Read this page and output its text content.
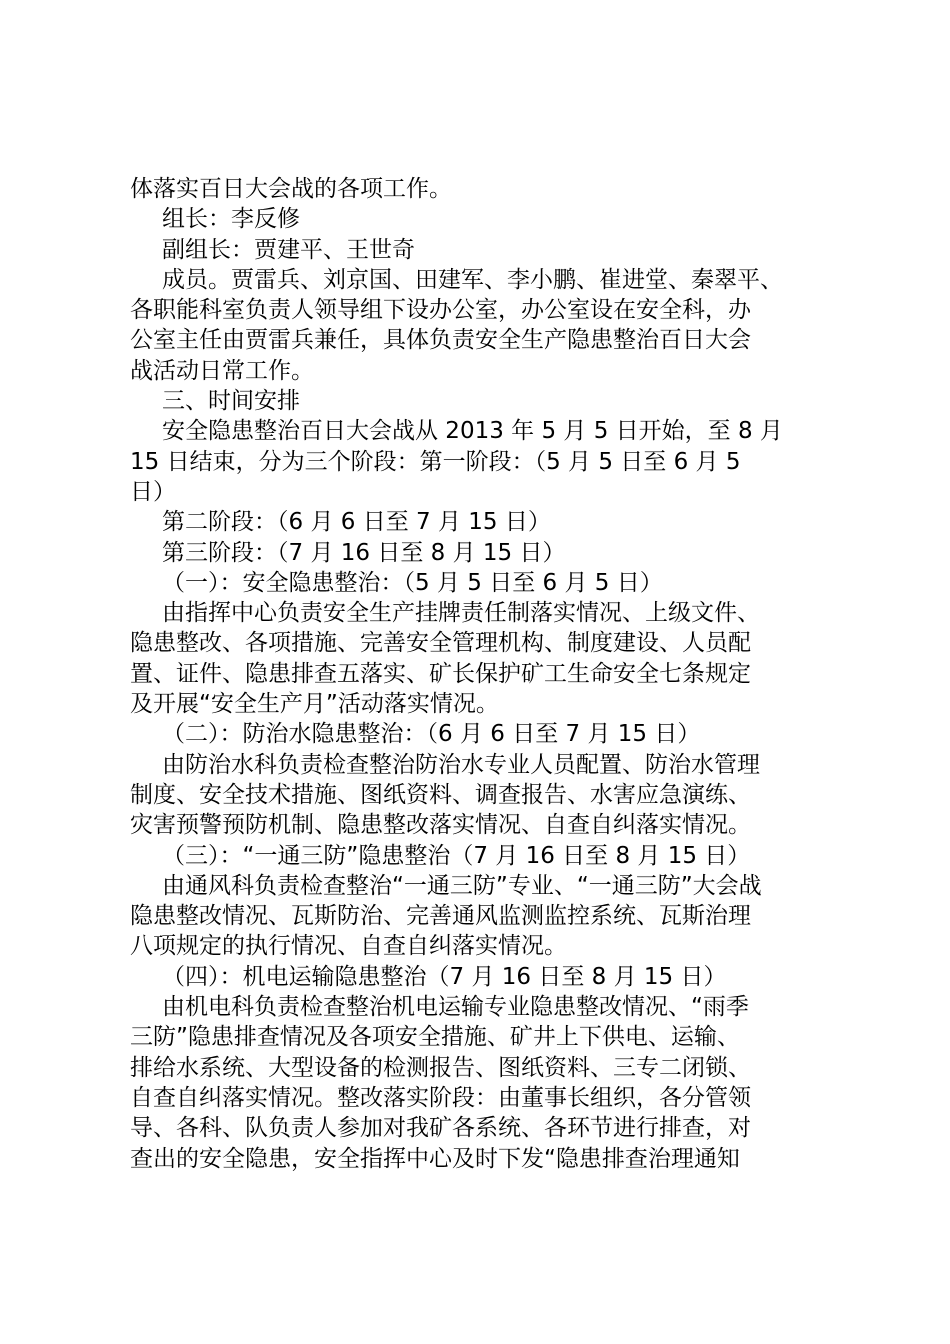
体落实百日大会战的各项工作。
组长：李反修
副组长：贾建平、王世奇
成员。贾雷兵、刘京国、田建军、李小鹏、崔进堂、秦翠平、
各职能科室负责人领导组下设办公室，办公室设在安全科，办
公室主任由贾雷兵兼任，具体负责安全生产隐患整治百日大会
战活动日常工作。
三、时间安排
安全隐患整治百日大会战从 2013 年 5 月 5 日开始，至 8 月
15 日结束，分为三个阶段：第一阶段：（5 月 5 日至 6 月 5
日）
第二阶段：（6 月 6 日至 7 月 15 日）
第三阶段：（7 月 16 日至 8 月 15 日）
（一）：安全隐患整治：（5 月 5 日至 6 月 5 日）
由指挥中心负责安全生产挂牌责任制落实情况、上级文件、
隐患整改、各项措施、完善安全管理机构、制度建设、人员配
置、证件、隐患排查五落实、矿长保护矿工生命安全七条规定
及开展“安全生产月”活动落实情况。
（二）：防治水隐患整治：（6 月 6 日至 7 月 15 日）
由防治水科负责检查整治防治水专业人员配置、防治水管理
制度、安全技术措施、图纸资料、调查报告、水害应急演练、
灾害预警预防机制、隐患整改落实情况、自查自纠落实情况。
（三）：“一通三防”隐患整治（7 月 16 日至 8 月 15 日）
由通风科负责检查整治“一通三防”专业、“一通三防”大会战
隐患整改情况、瓦斯防治、完善通风监测监控系统、瓦斯治理
八项规定的执行情况、自查自纠落实情况。
（四）：机电运输隐患整治（7 月 16 日至 8 月 15 日）
由机电科负责检查整治机电运输专业隐患整改情况、“雨季
三防”隐患排查情况及各项安全措施、矿井上下供电、运输、
排给水系统、大型设备的检测报告、图纸资料、三专二闭锁、
自查自纠落实情况。整改落实阶段：由董事长组织，各分管领
导、各科、队负责人参加对我矿各系统、各环节进行排查，对
查出的安全隐患，安全指挥中心及时下发“隐患排查治理通知
